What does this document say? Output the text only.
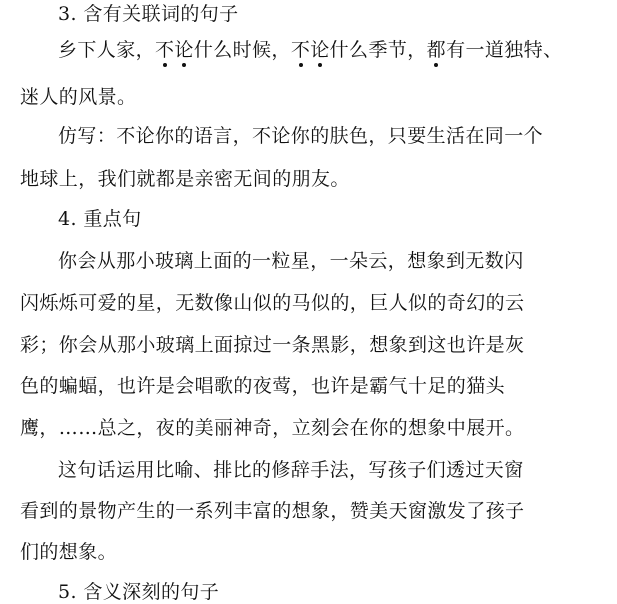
3. 含有关联词的句子
乡下人家，不论什么时候，不论什么季节，都有一道独特、
迷人的风景。
仿写：不论你的语言，不论你的肤色，只要生活在同一个
地球上，我们就都是亲密无间的朋友。
4. 重点句
你会从那小玻璃上面的一粒星，一朵云，想象到无数闪
闪烁烁可爱的星，无数像山似的马似的，巨人似的奇幻的云
彩；你会从那小玻璃上面掠过一条黑影，想象到这也许是灰
色的蝙蝠，也许是会唱歌的夜莺，也许是霸气十足的猫头
鹰，……总之，夜的美丽神奇，立刻会在你的想象中展开。
这句话运用比喻、排比的修辞手法，写孩子们透过天窗
看到的景物产生的一系列丰富的想象，赞美天窗激发了孩子
们的想象。
5. 含义深刻的句子
